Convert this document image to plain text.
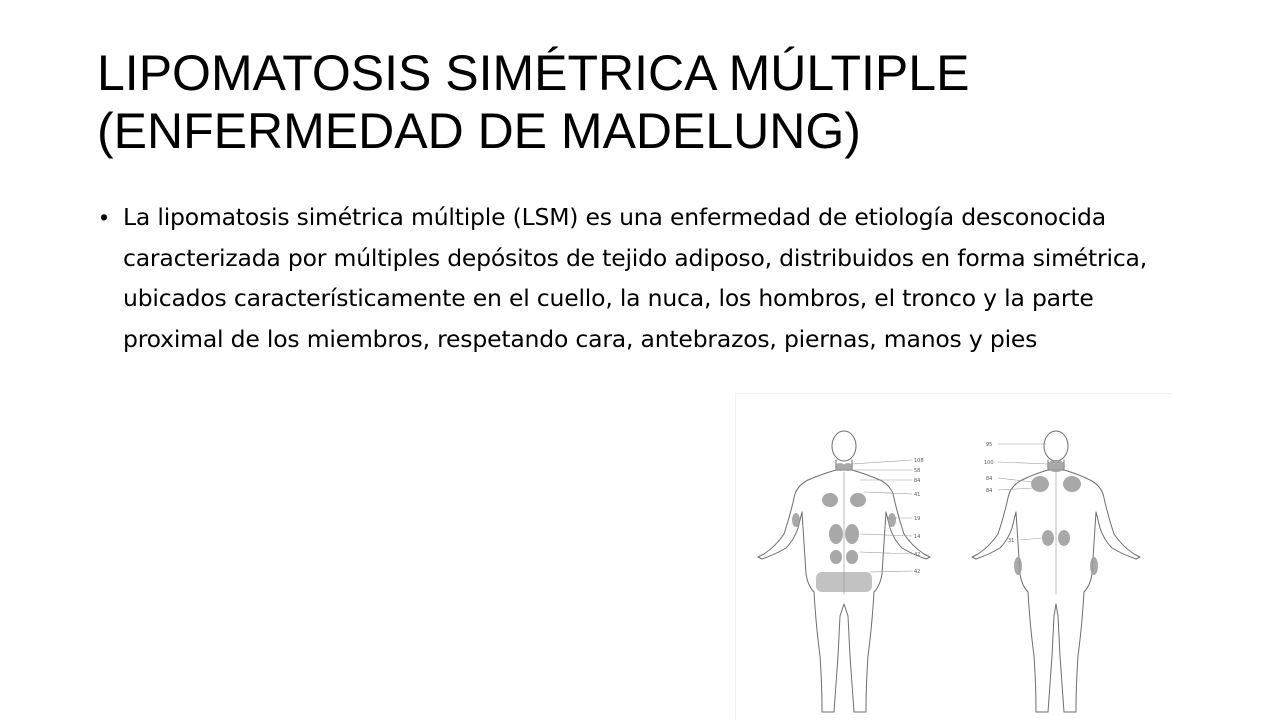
LIPOMATOSIS SIMÉTRICA MÚLTIPLE (ENFERMEDAD DE MADELUNG)
• La lipomatosis simétrica múltiple (LSM) es una enfermedad de etiología desconocida caracterizada por múltiples depósitos de tejido adiposo, distribuidos en forma simétrica, ubicados característicamente en el cuello, la nuca, los hombros, el tronco y la parte proximal de los miembros, respetando cara, antebrazos, piernas, manos y pies
108
58
84
41
19
14
42
42
95
100
84
84
31
